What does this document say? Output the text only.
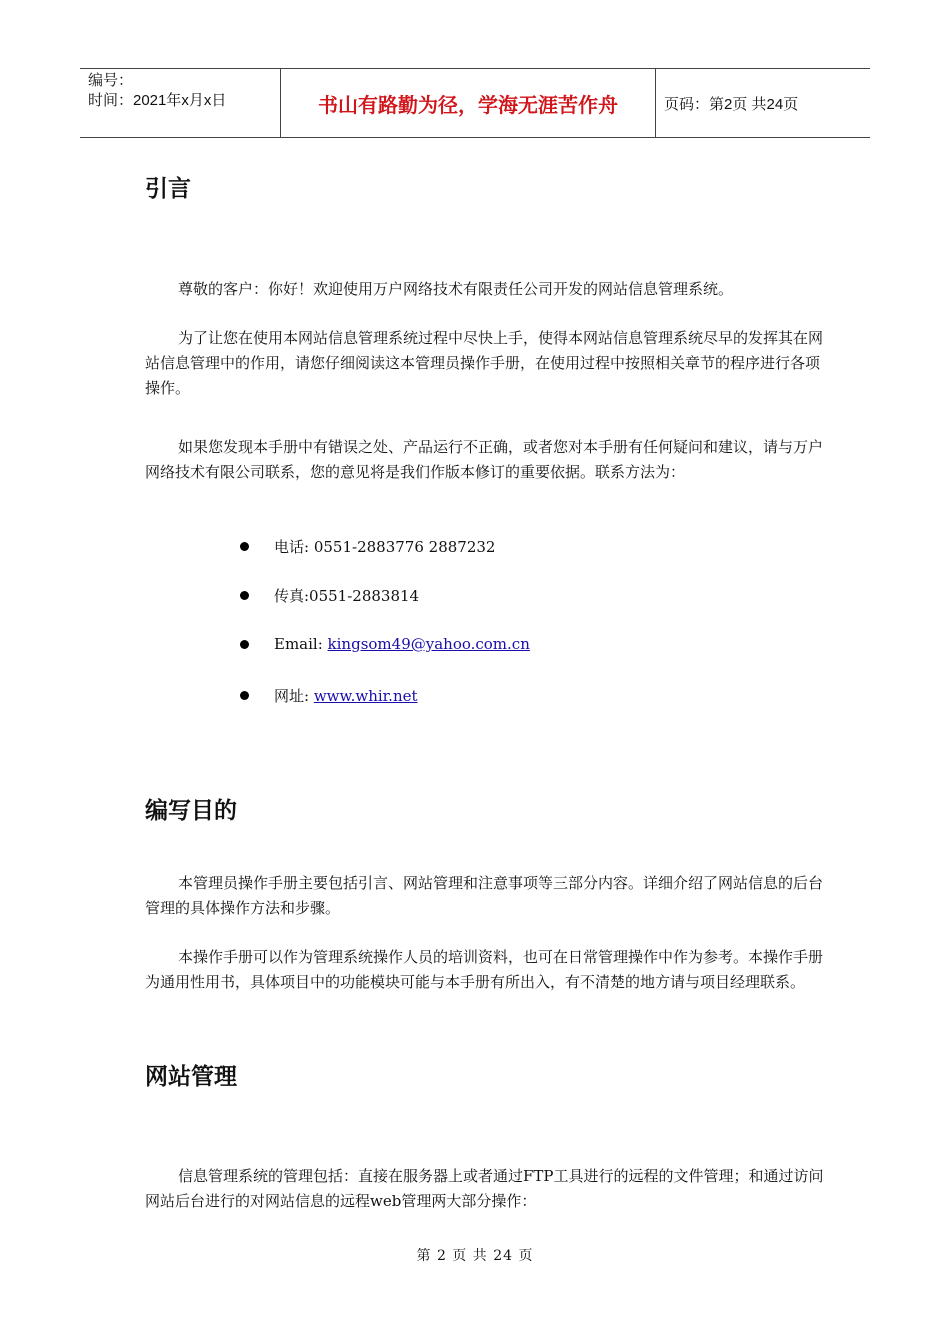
编号：
时间：2021年x月x日	书山有路勤为径，学海无涯苦作舟	页码：第2页 共24页
引言

尊敬的客户：你好！欢迎使用万户网络技术有限责任公司开发的网站信息管理系统。

为了让您在使用本网站信息管理系统过程中尽快上手，使得本网站信息管理系统尽早的发挥其在网站信息管理中的作用，请您仔细阅读这本管理员操作手册，在使用过程中按照相关章节的程序进行各项操作。

如果您发现本手册中有错误之处、产品运行不正确，或者您对本手册有任何疑问和建议，请与万户网络技术有限公司联系，您的意见将是我们作版本修订的重要依据。联系方法为：

电话:
0551-2883776 2887232
传真:0551-2883814
Email:
kingsom49@yahoo.com.cn
网址:
www.whir.net
编写目的

本管理员操作手册主要包括引言、网站管理和注意事项等三部分内容。详细介绍了网站信息的后台管理的具体操作方法和步骤。

本操作手册可以作为管理系统操作人员的培训资料，也可在日常管理操作中作为参考。本操作手册为通用性用书，具体项目中的功能模块可能与本手册有所出入，有不清楚的地方请与项目经理联系。

网站管理

信息管理系统的管理包括：直接在服务器上或者通过FTP工具进行的远程的文件管理；和通过访问网站后台进行的对网站信息的远程web管理两大部分操作：

第 2 页 共 24 页
